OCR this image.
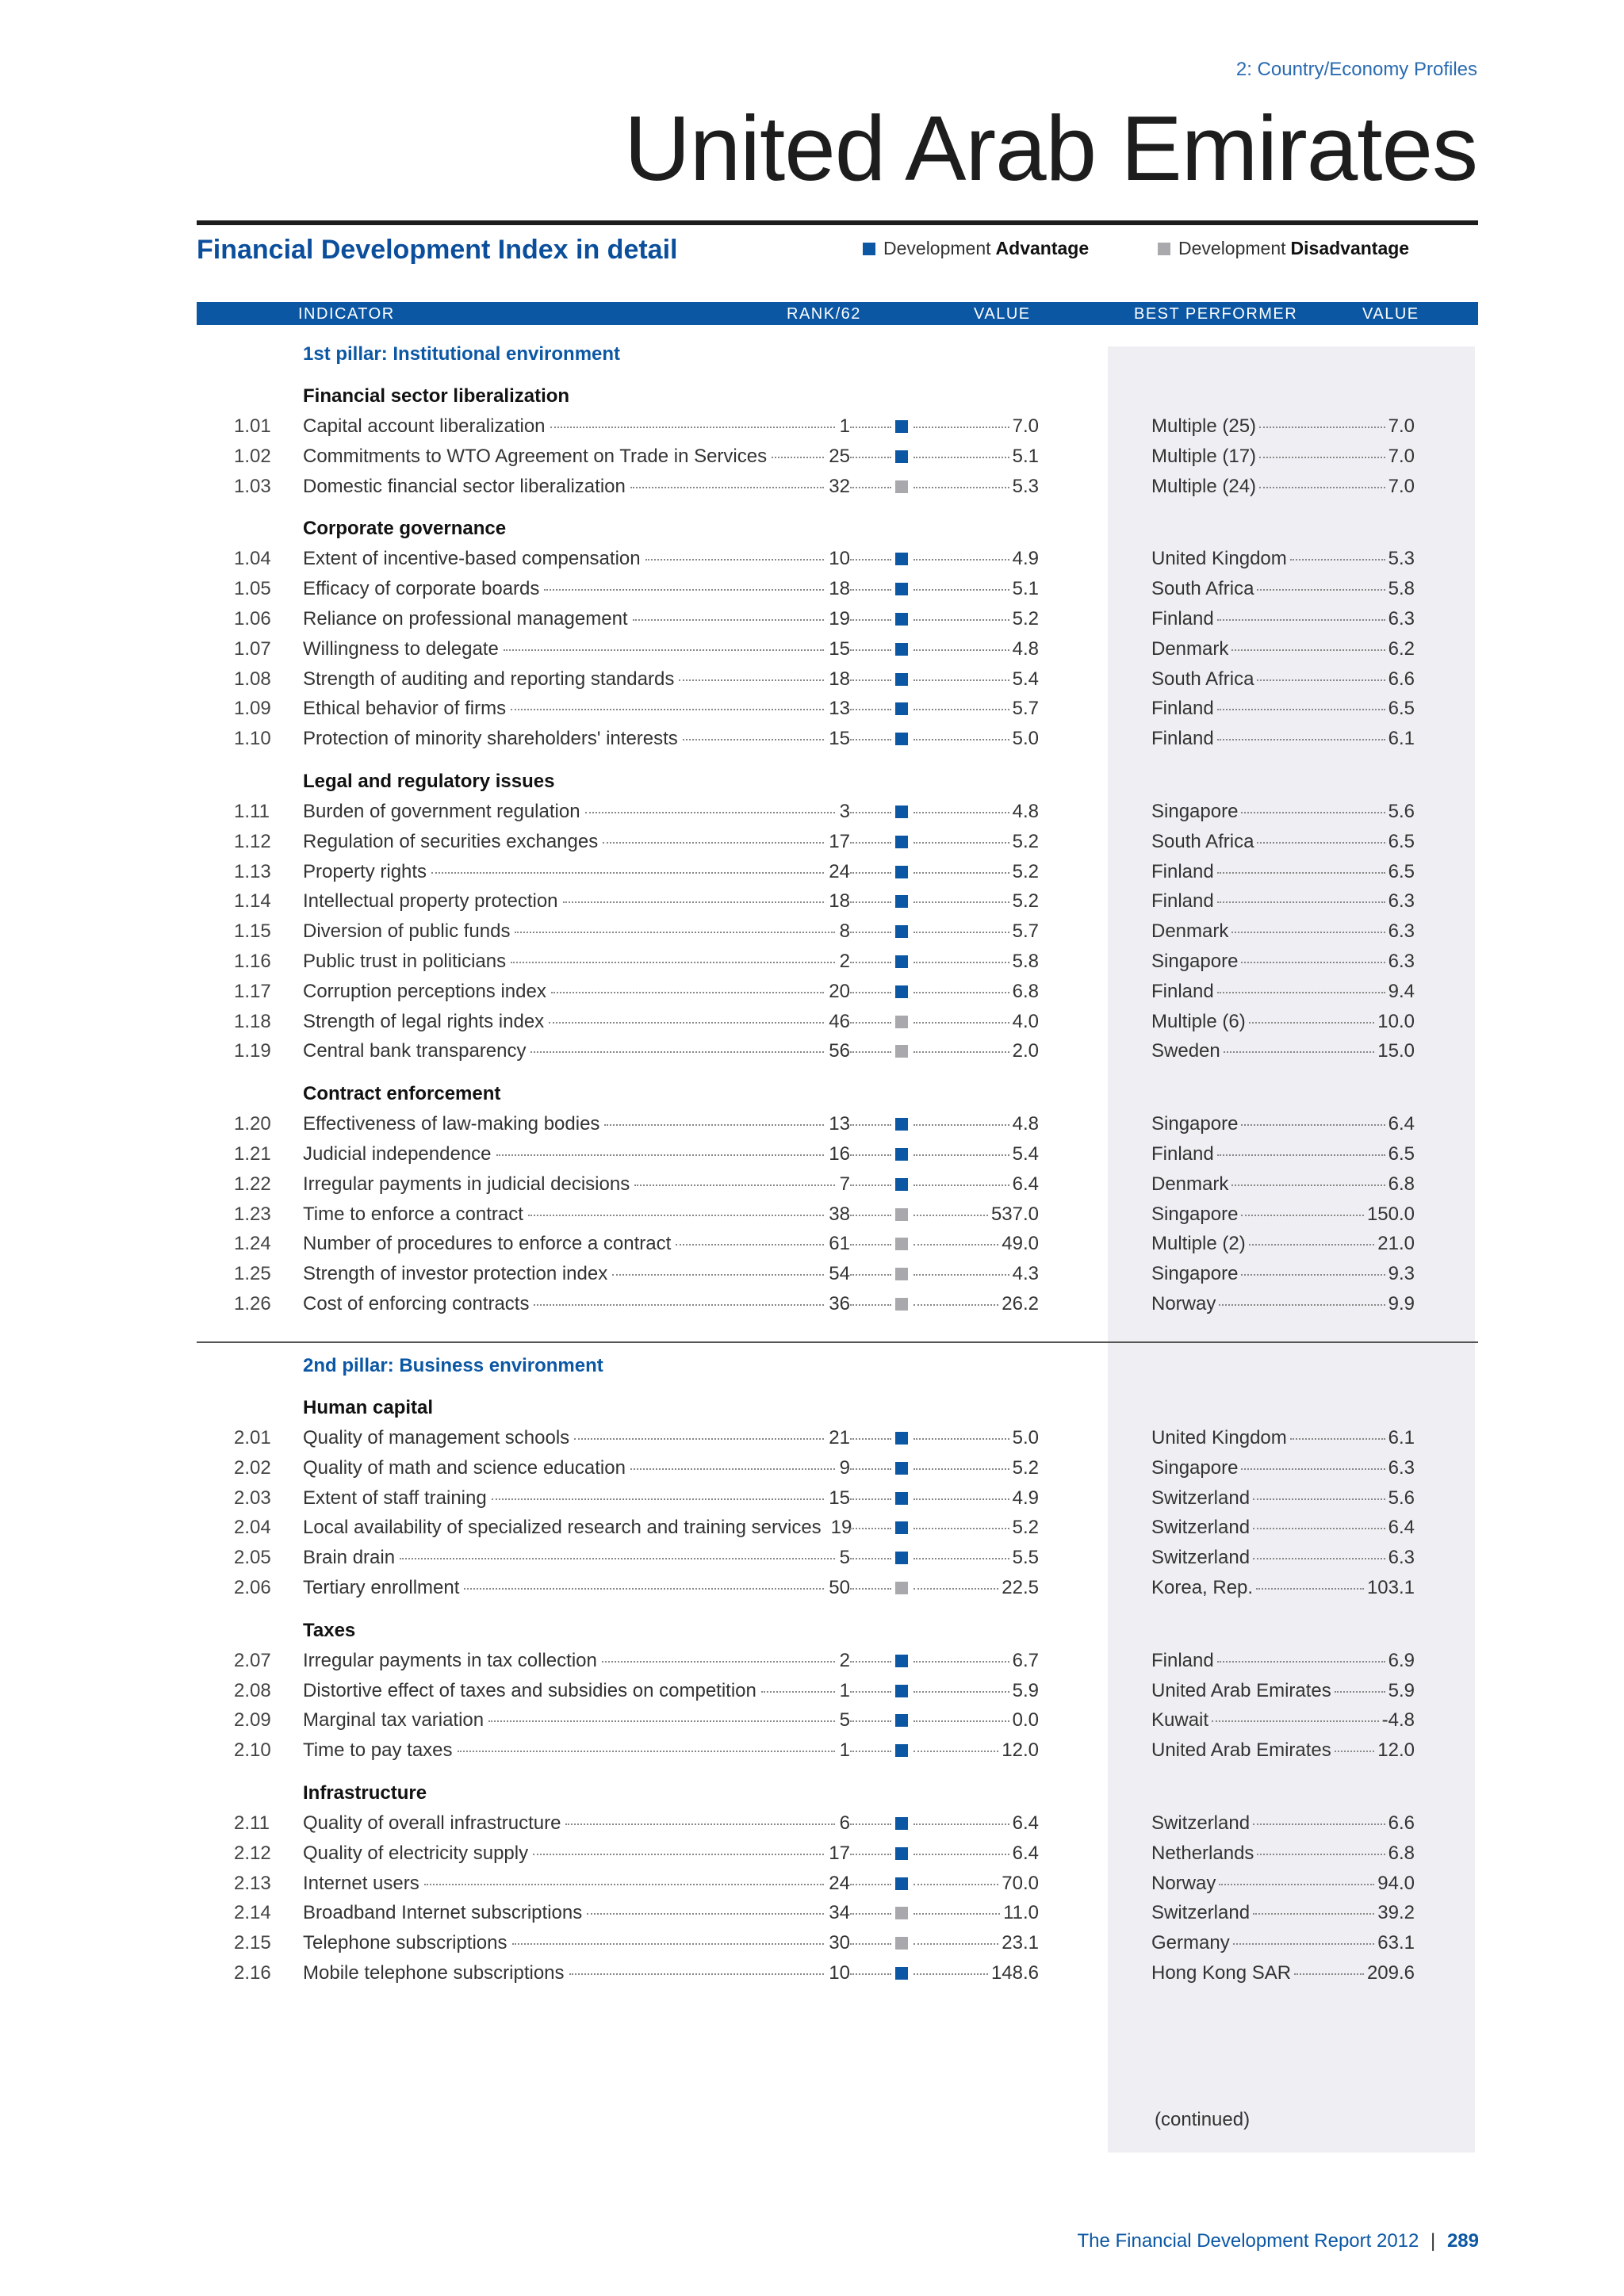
2: Country/Economy Profiles
United Arab Emirates
Financial Development Index in detail	Development Advantage	Development Disadvantage
INDICATOR	RANK/62	VALUE	BEST PERFORMER	VALUE
1st pillar: Institutional environment
Financial sector liberalization
1.01 Capital account liberalization	1	7.0	Multiple (25)	7.0
1.02 Commitments to WTO Agreement on Trade in Services	25	5.1	Multiple (17)	7.0
1.03 Domestic financial sector liberalization	32	5.3	Multiple (24)	7.0
Corporate governance
1.04 Extent of incentive-based compensation	10	4.9	United Kingdom	5.3
1.05 Efficacy of corporate boards	18	5.1	South Africa	5.8
1.06 Reliance on professional management	19	5.2	Finland	6.3
1.07 Willingness to delegate	15	4.8	Denmark	6.2
1.08 Strength of auditing and reporting standards	18	5.4	South Africa	6.6
1.09 Ethical behavior of firms	13	5.7	Finland	6.5
1.10 Protection of minority shareholders' interests	15	5.0	Finland	6.1
Legal and regulatory issues
1.11 Burden of government regulation	3	4.8	Singapore	5.6
1.12 Regulation of securities exchanges	17	5.2	South Africa	6.5
1.13 Property rights	24	5.2	Finland	6.5
1.14 Intellectual property protection	18	5.2	Finland	6.3
1.15 Diversion of public funds	8	5.7	Denmark	6.3
1.16 Public trust in politicians	2	5.8	Singapore	6.3
1.17 Corruption perceptions index	20	6.8	Finland	9.4
1.18 Strength of legal rights index	46	4.0	Multiple (6)	10.0
1.19 Central bank transparency	56	2.0	Sweden	15.0
Contract enforcement
1.20 Effectiveness of law-making bodies	13	4.8	Singapore	6.4
1.21 Judicial independence	16	5.4	Finland	6.5
1.22 Irregular payments in judicial decisions	7	6.4	Denmark	6.8
1.23 Time to enforce a contract	38	537.0	Singapore	150.0
1.24 Number of procedures to enforce a contract	61	49.0	Multiple (2)	21.0
1.25 Strength of investor protection index	54	4.3	Singapore	9.3
1.26 Cost of enforcing contracts	36	26.2	Norway	9.9
2nd pillar: Business environment
Human capital
2.01 Quality of management schools	21	5.0	United Kingdom	6.1
2.02 Quality of math and science education	9	5.2	Singapore	6.3
2.03 Extent of staff training	15	4.9	Switzerland	5.6
2.04 Local availability of specialized research and training services 19	5.2	Switzerland	6.4
2.05 Brain drain	5	5.5	Switzerland	6.3
2.06 Tertiary enrollment	50	22.5	Korea, Rep.	103.1
Taxes
2.07 Irregular payments in tax collection	2	6.7	Finland	6.9
2.08 Distortive effect of taxes and subsidies on competition	1	5.9	United Arab Emirates	5.9
2.09 Marginal tax variation	5	0.0	Kuwait	-4.8
2.10 Time to pay taxes	1	12.0	United Arab Emirates 12.0
Infrastructure
2.11 Quality of overall infrastructure	6	6.4	Switzerland	6.6
2.12 Quality of electricity supply	17	6.4	Netherlands	6.8
2.13 Internet users	24	70.0	Norway	94.0
2.14 Broadband Internet subscriptions	34	11.0	Switzerland	39.2
2.15 Telephone subscriptions	30	23.1	Germany	63.1
2.16 Mobile telephone subscriptions	10	148.6	Hong Kong SAR	209.6
(continued)
The Financial Development Report 2012 | 289
